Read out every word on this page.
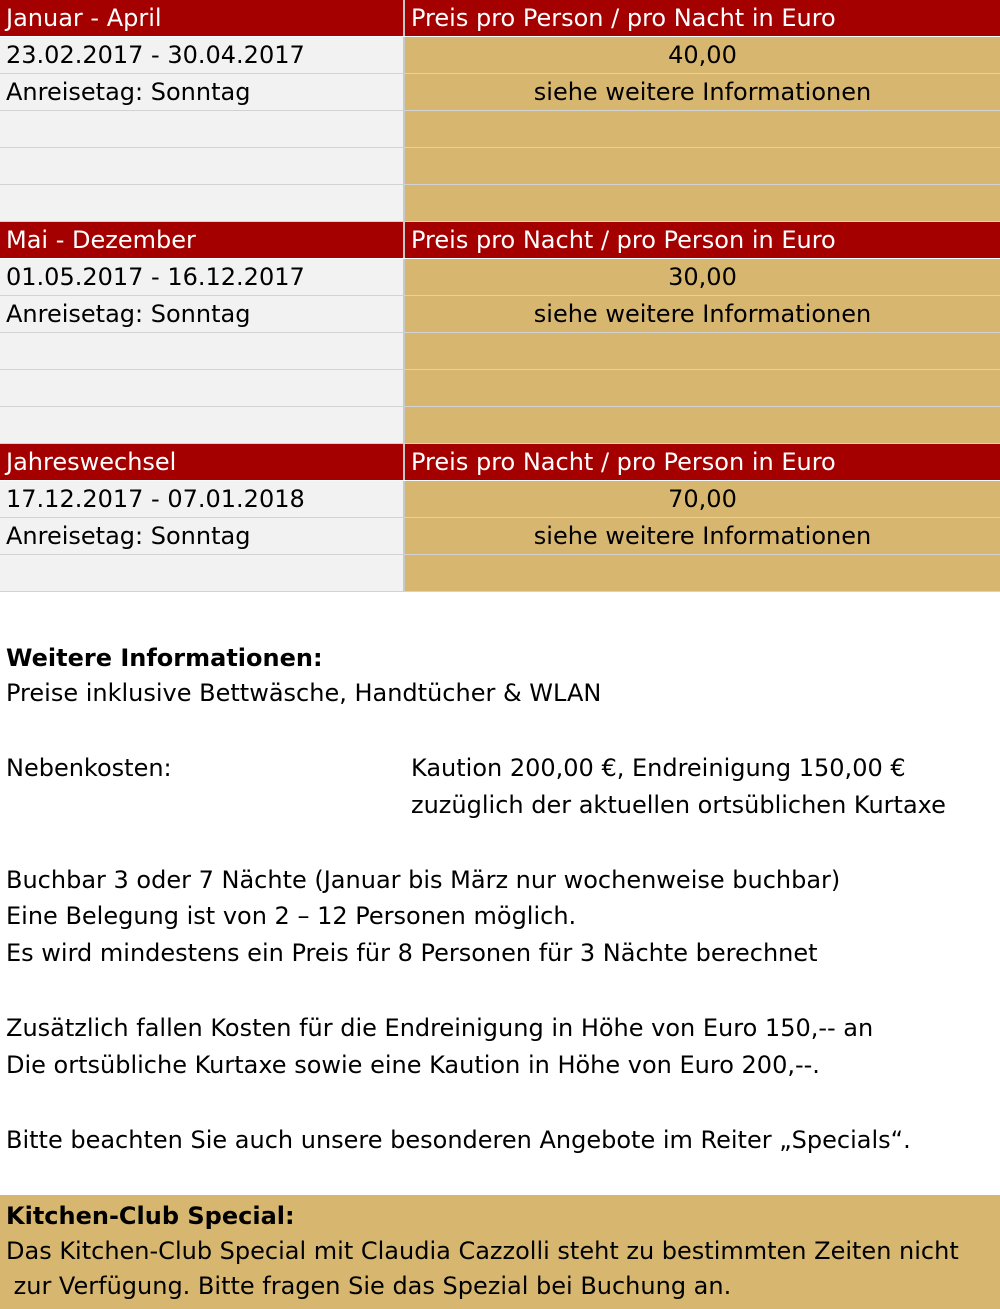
Januar - April	Preis pro Person / pro Nacht in Euro
23.02.2017 - 30.04.2017	40,00
Anreisetag: Sonntag	siehe weitere Informationen
Mai - Dezember	Preis pro Nacht / pro Person in Euro
01.05.2017 - 16.12.2017	30,00
Anreisetag: Sonntag	siehe weitere Informationen
Jahreswechsel	Preis pro Nacht / pro Person in Euro
17.12.2017 - 07.01.2018	70,00
Anreisetag: Sonntag	siehe weitere Informationen
Weitere Informationen:
Preise inklusive Bettwäsche, Handtücher & WLAN
Nebenkosten:	Kaution 200,00 €, Endreinigung 150,00 €
zuzüglich der aktuellen ortsüblichen Kurtaxe
Buchbar 3 oder 7 Nächte (Januar bis März nur wochenweise buchbar)
Eine Belegung ist von 2 – 12 Personen möglich.
Es wird mindestens ein Preis für 8 Personen für 3 Nächte berechnet
Zusätzlich fallen Kosten für die Endreinigung in Höhe von Euro 150,-- an
Die ortsübliche Kurtaxe sowie eine Kaution in Höhe von Euro 200,--.
Bitte beachten Sie auch unsere besonderen Angebote im Reiter „Specials“.
Kitchen-Club Special:
Das Kitchen-Club Special mit Claudia Cazzolli steht zu bestimmten Zeiten nicht
zur Verfügung. Bitte fragen Sie das Spezial bei Buchung an.
